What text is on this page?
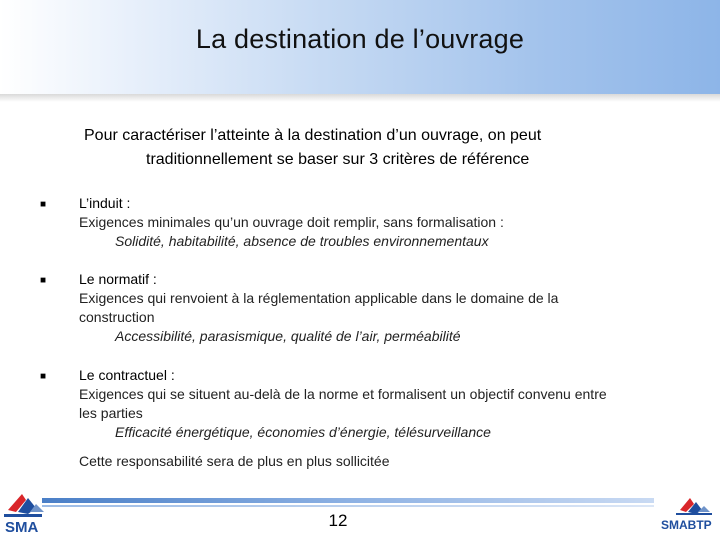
La destination de l’ouvrage
Pour caractériser l’atteinte à la destination d’un ouvrage, on peut
traditionnellement se baser sur 3 critères de référence
■ L’induit :
Exigences minimales qu’un ouvrage doit remplir, sans formalisation :
Solidité, habitabilité, absence de troubles environnementaux
■ Le normatif :
Exigences qui renvoient à la réglementation applicable dans le domaine de la
construction
Accessibilité, parasismique, qualité de l’air, perméabilité
■ Le contractuel :
Exigences qui se situent au-delà de la norme et formalisent un objectif convenu entre
les parties
Efficacité énergétique, économies d’énergie, télésurveillance
Cette responsabilité sera de plus en plus sollicitée
12
SMA	SMABTP
